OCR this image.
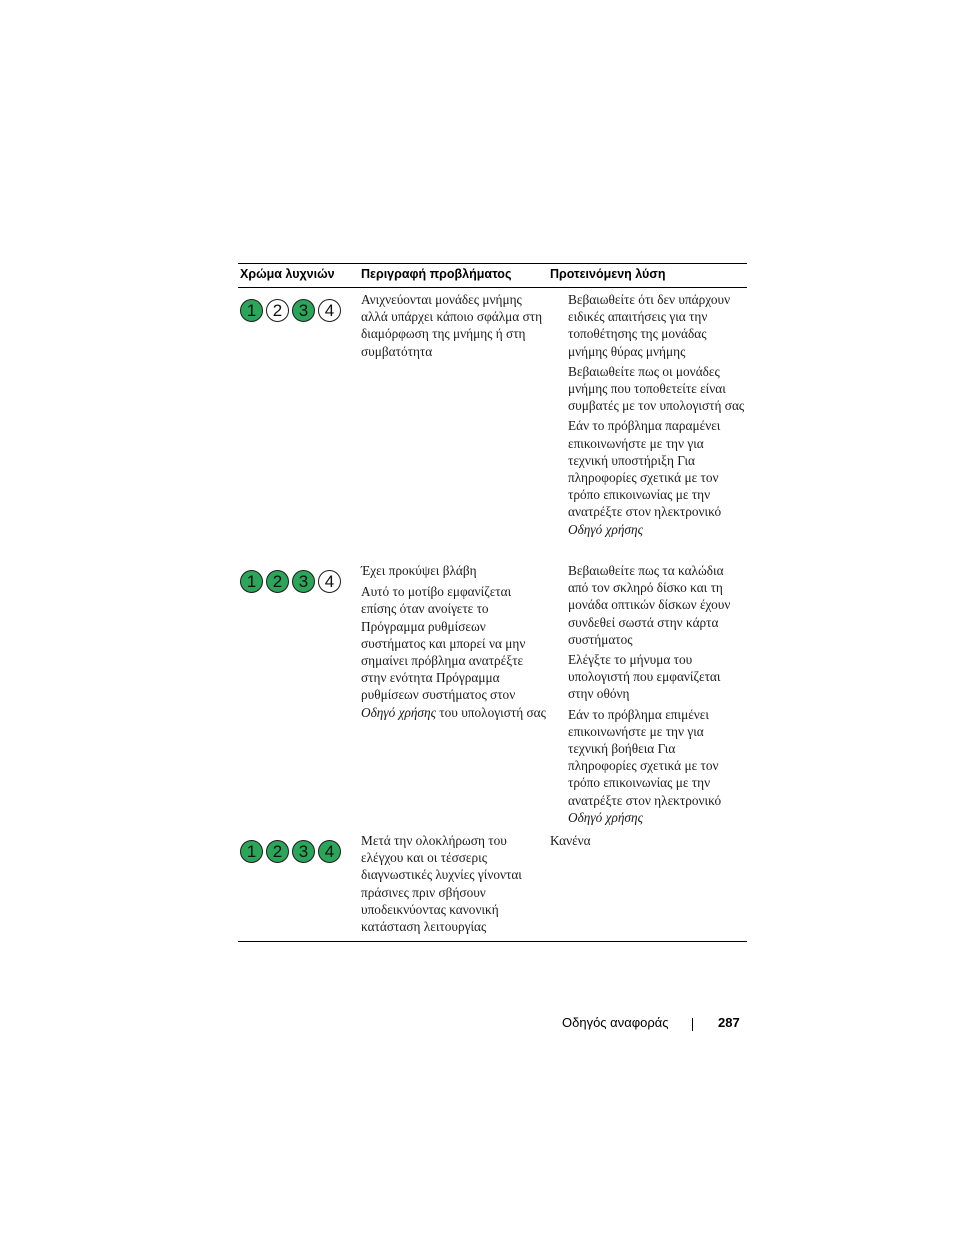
Χρώμα λυχνιών Περιγραφή προβλήματος	Προτεινόμενη λύση
1 2 3 4

Ανιχνεύονται μονάδες μνήμης αλλά υπάρχει κάποιο σφάλμα στη διαμόρφωση της μνήμης ή στη συμβατότητα

Βεβαιωθείτε ότι δεν υπάρχουν ειδικές απαιτήσεις για την τοποθέτησης της μονάδας μνήμης θύρας μνήμης
Βεβαιωθείτε πως οι μονάδες μνήμης που τοποθετείτε είναι συμβατές με τον υπολογιστή σας
Εάν το πρόβλημα παραμένει επικοινωνήστε με την για τεχνική υποστήριξη Για πληροφορίες σχετικά με τον τρόπο επικοινωνίας με την ανατρέξτε στον ηλεκτρονικό Οδηγό χρήσης
1 2 3 4

Έχει προκύψει βλάβη

Αυτό το μοτίβο εμφανίζεται επίσης όταν ανοίγετε το Πρόγραμμα ρυθμίσεων συστήματος και μπορεί να μην σημαίνει πρόβλημα ανατρέξτε στην ενότητα Πρόγραμμα ρυθμίσεων συστήματος στον Οδηγό χρήσης του υπολογιστή σας

Βεβαιωθείτε πως τα καλώδια από τον σκληρό δίσκο και τη μονάδα οπτικών δίσκων έχουν συνδεθεί σωστά στην κάρτα συστήματος
Ελέγξτε το μήνυμα του υπολογιστή που εμφανίζεται στην οθόνη
Εάν το πρόβλημα επιμένει επικοινωνήστε με την για τεχνική βοήθεια Για πληροφορίες σχετικά με τον τρόπο επικοινωνίας με την ανατρέξτε στον ηλεκτρονικό Οδηγό χρήσης
1 2 3 4

Μετά την ολοκλήρωση του ελέγχου και οι τέσσερις διαγνωστικές λυχνίες γίνονται πράσινες πριν σβήσουν υποδεικνύοντας κανονική κατάσταση λειτουργίας

Κανένα

Οδηγός αναφοράς	287
